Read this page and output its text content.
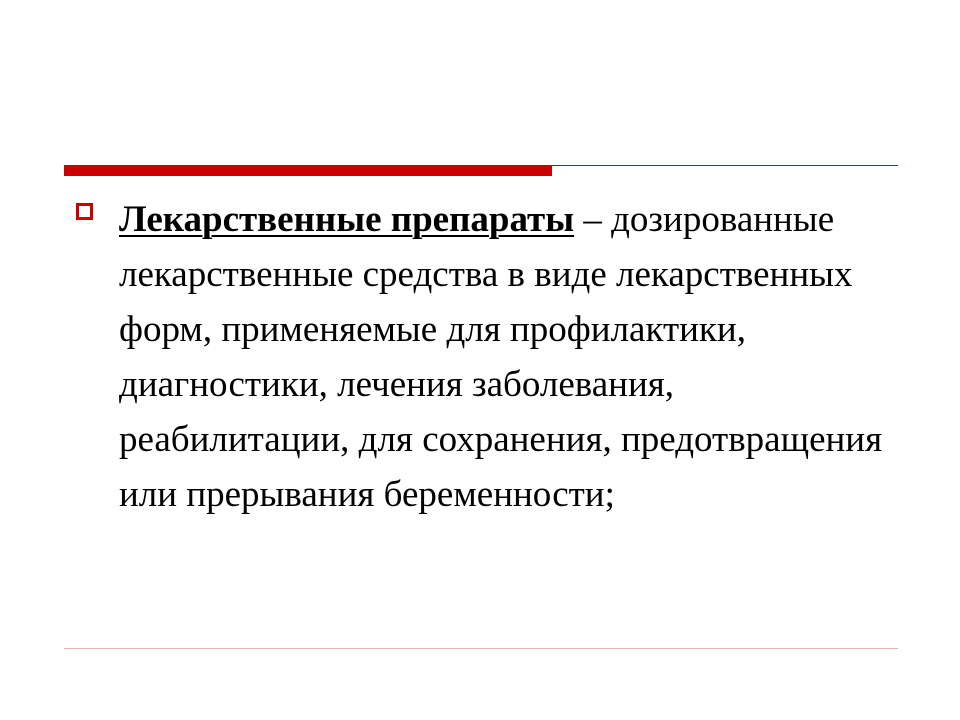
Лекарственные препараты – дозированные лекарственные средства в виде лекарственных форм, применяемые для профилактики, диагностики, лечения заболевания, реабилитации, для сохранения, предотвращения или прерывания беременности;
